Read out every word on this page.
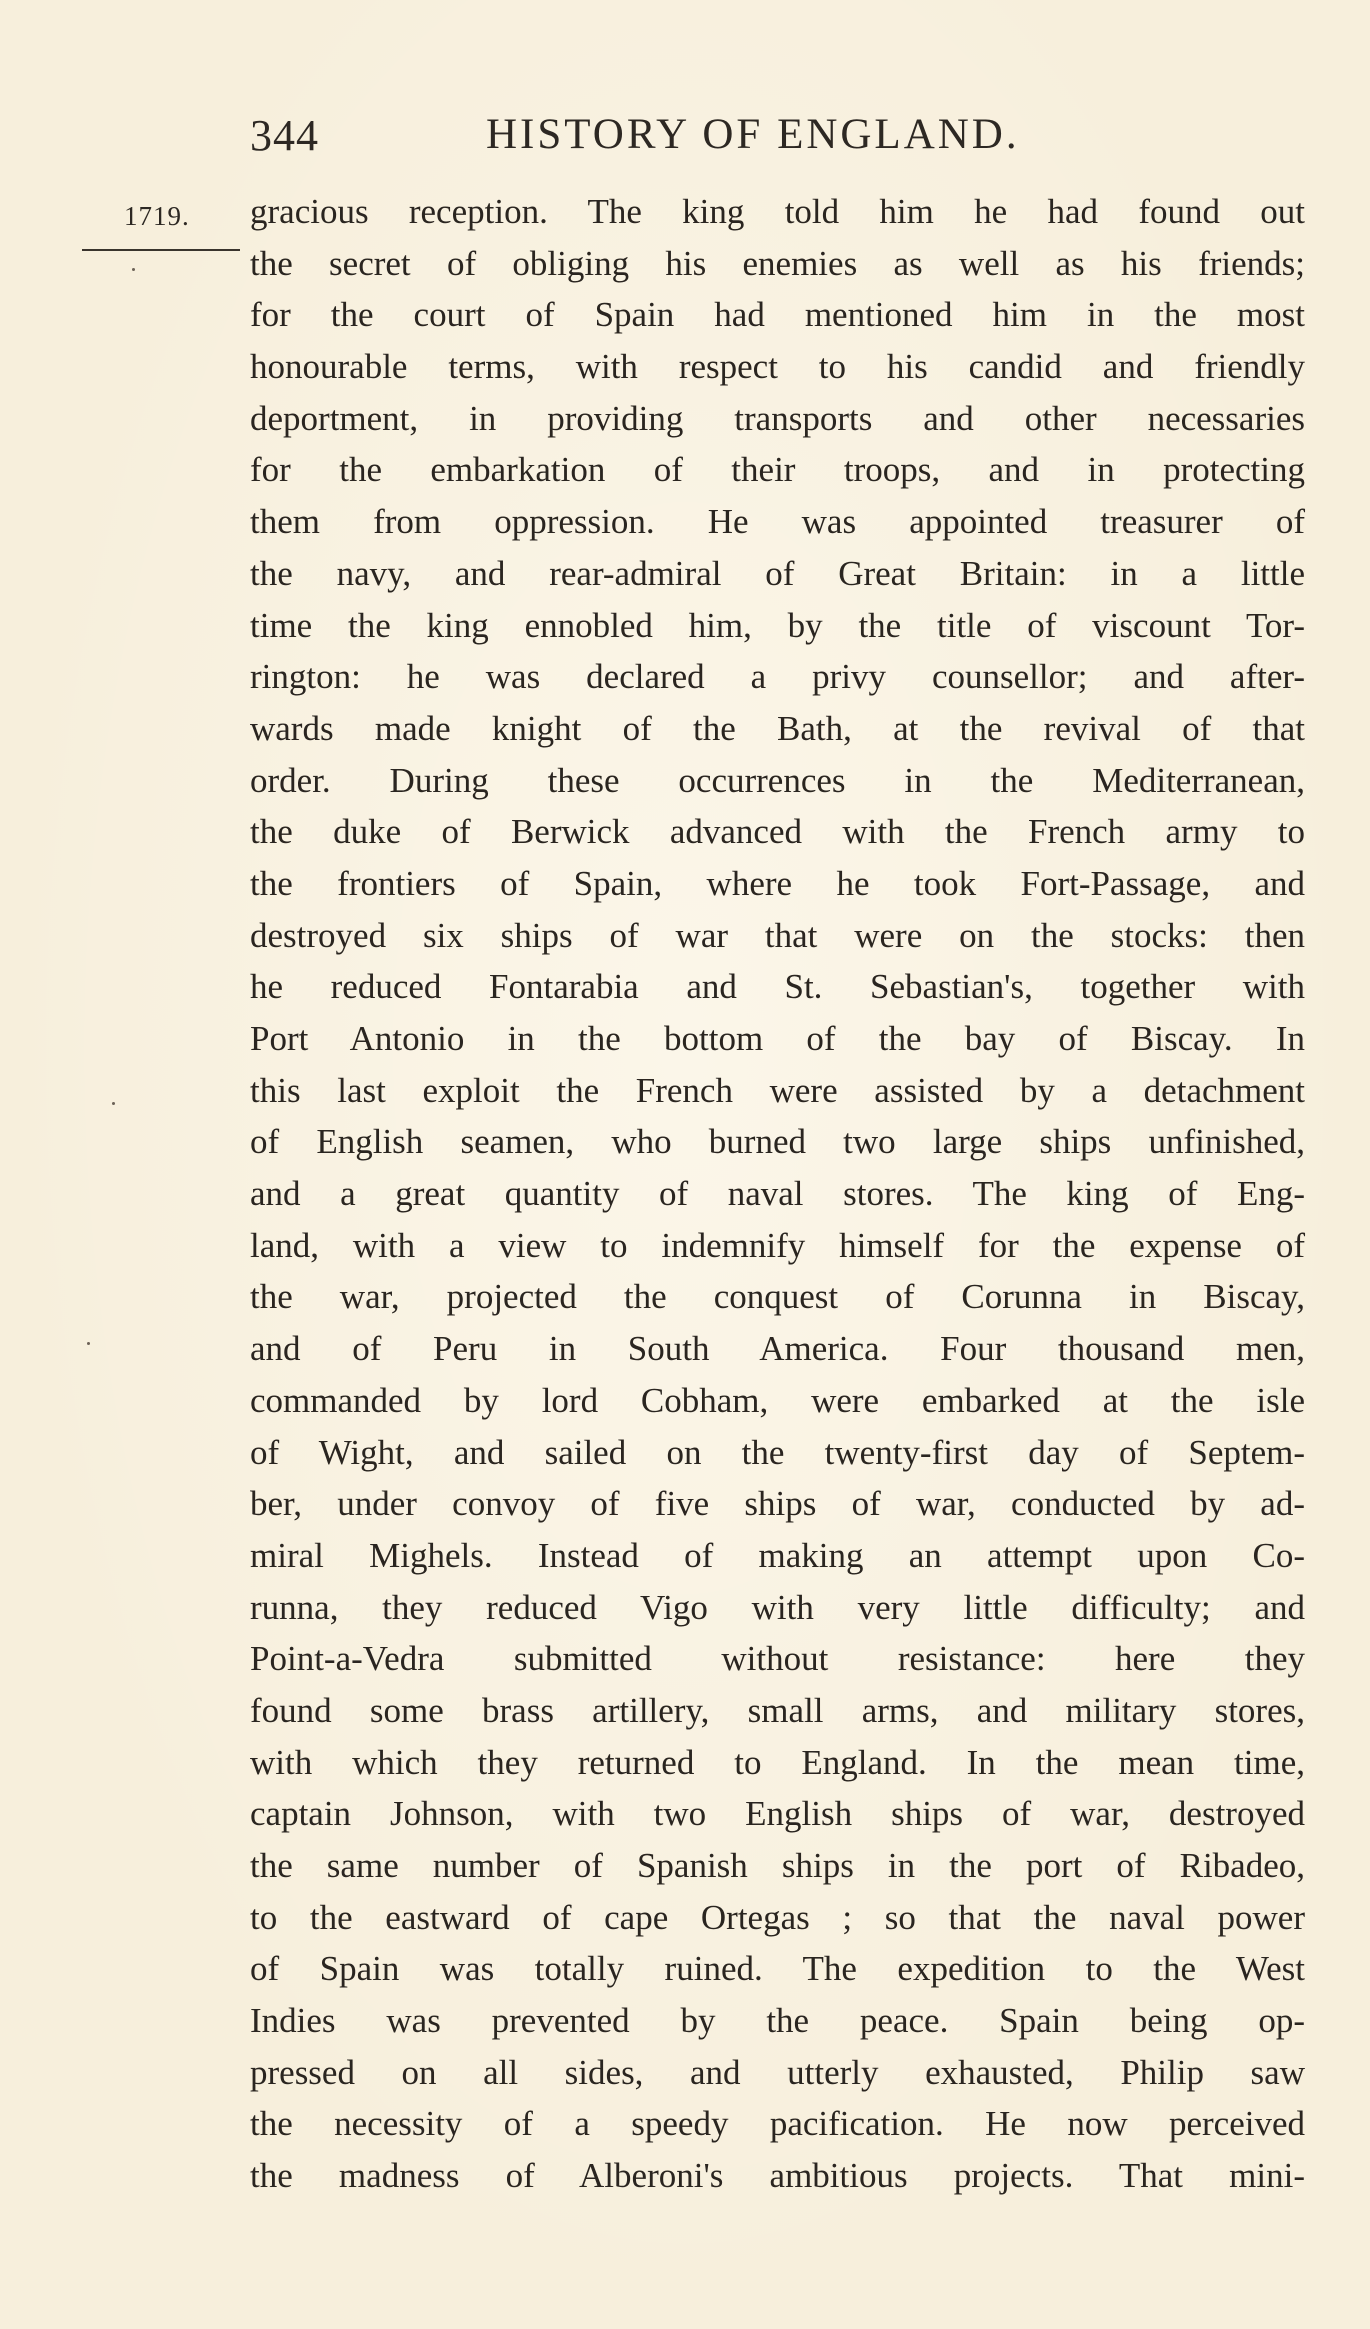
344	HISTORY OF ENGLAND.
1719. gracious reception. The king told him he had found out
the secret of obliging his enemies as well as his friends;
for the court of Spain had mentioned him in the most
honourable terms, with respect to his candid and friendly
deportment, in providing transports and other necessaries
for the embarkation of their troops, and in protecting
them from oppression. He was appointed treasurer of
the navy, and rear-admiral of Great Britain: in a little
time the king ennobled him, by the title of viscount Tor-
rington: he was declared a privy counsellor; and after-
wards made knight of the Bath, at the revival of that
order. During these occurrences in the Mediterranean,
the duke of Berwick advanced with the French army to
the frontiers of Spain, where he took Fort-Passage, and
destroyed six ships of war that were on the stocks: then
he reduced Fontarabia and St. Sebastian's, together with
Port Antonio in the bottom of the bay of Biscay. In
this last exploit the French were assisted by a detachment
of English seamen, who burned two large ships unfinished,
and a great quantity of naval stores. The king of Eng-
land, with a view to indemnify himself for the expense of
the war, projected the conquest of Corunna in Biscay,
and of Peru in South America. Four thousand men,
commanded by lord Cobham, were embarked at the isle
of Wight, and sailed on the twenty-first day of Septem-
ber, under convoy of five ships of war, conducted by ad-
miral Mighels. Instead of making an attempt upon Co-
runna, they reduced Vigo with very little difficulty; and
Point-a-Vedra submitted without resistance: here they
found some brass artillery, small arms, and military stores,
with which they returned to England. In the mean time,
captain Johnson, with two English ships of war, destroyed
the same number of Spanish ships in the port of Ribadeo,
to the eastward of cape Ortegas ; so that the naval power
of Spain was totally ruined. The expedition to the West
Indies was prevented by the peace. Spain being op-
pressed on all sides, and utterly exhausted, Philip saw
the necessity of a speedy pacification. He now perceived
the madness of Alberoni's ambitious projects. That mini-
